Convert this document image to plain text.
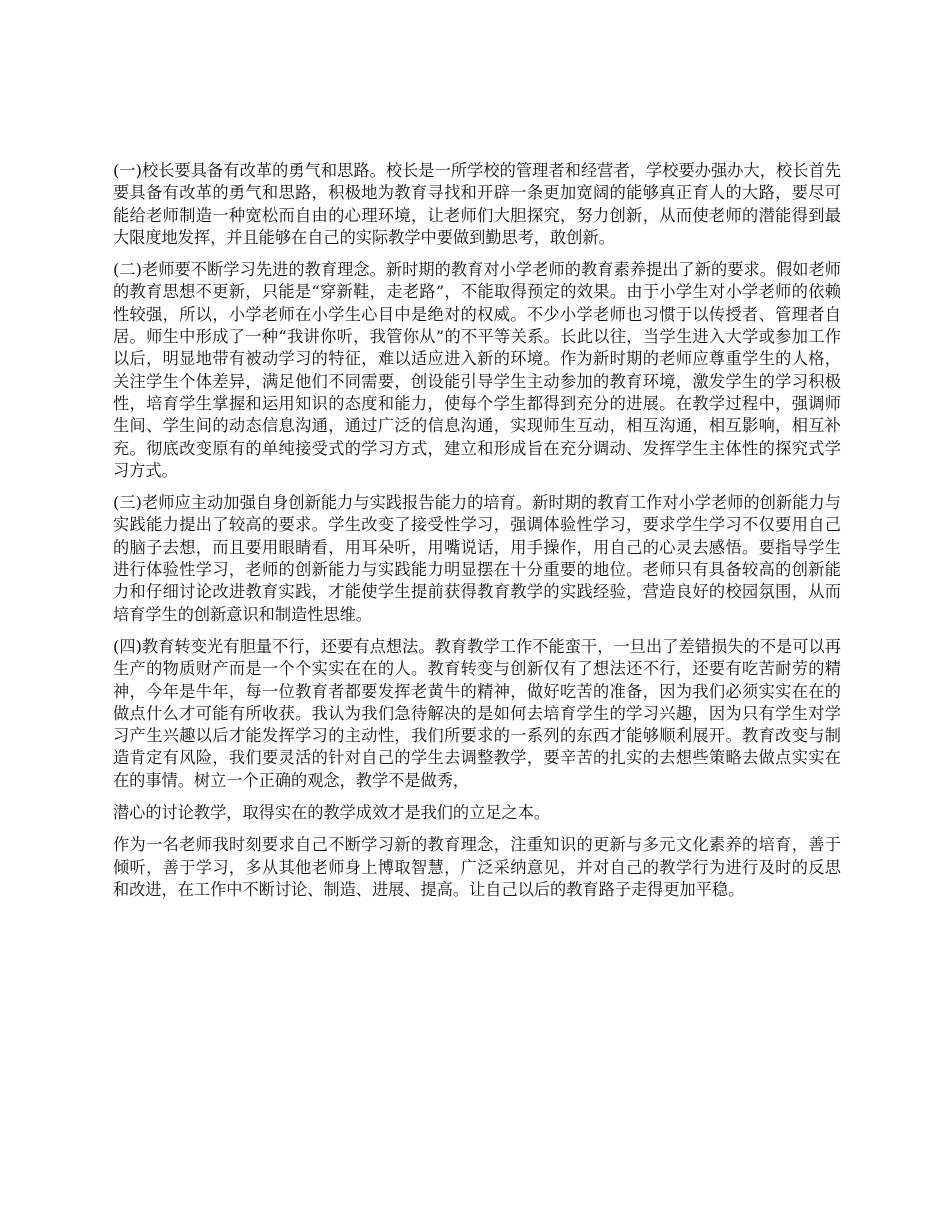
(一)校长要具备有改革的勇气和思路。校长是一所学校的管理者和经营者，学校要办强办大，校长首先要具备有改革的勇气和思路，积极地为教育寻找和开辟一条更加宽阔的能够真正育人的大路，要尽可能给老师制造一种宽松而自由的心理环境，让老师们大胆探究，努力创新，从而使老师的潜能得到最大限度地发挥，并且能够在自己的实际教学中要做到勤思考，敢创新。

(二)老师要不断学习先进的教育理念。新时期的教育对小学老师的教育素养提出了新的要求。假如老师的教育思想不更新，只能是“穿新鞋，走老路”，不能取得预定的效果。由于小学生对小学老师的依赖性较强，所以，小学老师在小学生心目中是绝对的权威。不少小学老师也习惯于以传授者、管理者自居。师生中形成了一种“我讲你听，我管你从”的不平等关系。长此以往，当学生进入大学或参加工作以后，明显地带有被动学习的特征，难以适应进入新的环境。作为新时期的老师应尊重学生的人格，关注学生个体差异，满足他们不同需要，创设能引导学生主动参加的教育环境，激发学生的学习积极性，培育学生掌握和运用知识的态度和能力，使每个学生都得到充分的进展。在教学过程中，强调师生间、学生间的动态信息沟通，通过广泛的信息沟通，实现师生互动，相互沟通，相互影响，相互补充。彻底改变原有的单纯接受式的学习方式，建立和形成旨在充分调动、发挥学生主体性的探究式学习方式。

(三)老师应主动加强自身创新能力与实践报告能力的培育。新时期的教育工作对小学老师的创新能力与实践能力提出了较高的要求。学生改变了接受性学习，强调体验性学习，要求学生学习不仅要用自己的脑子去想，而且要用眼睛看，用耳朵听，用嘴说话，用手操作，用自己的心灵去感悟。要指导学生进行体验性学习，老师的创新能力与实践能力明显摆在十分重要的地位。老师只有具备较高的创新能力和仔细讨论改进教育实践，才能使学生提前获得教育教学的实践经验，营造良好的校园氛围，从而培育学生的创新意识和制造性思维。

(四)教育转变光有胆量不行，还要有点想法。教育教学工作不能蛮干，一旦出了差错损失的不是可以再生产的物质财产而是一个个实实在在的人。教育转变与创新仅有了想法还不行，还要有吃苦耐劳的精神，今年是牛年，每一位教育者都要发挥老黄牛的精神，做好吃苦的准备，因为我们必须实实在在的做点什么才可能有所收获。我认为我们急待解决的是如何去培育学生的学习兴趣，因为只有学生对学习产生兴趣以后才能发挥学习的主动性，我们所要求的一系列的东西才能够顺利展开。教育改变与制造肯定有风险，我们要灵活的针对自己的学生去调整教学，要辛苦的扎实的去想些策略去做点实实在在的事情。树立一个正确的观念，教学不是做秀，

潜心的讨论教学，取得实在的教学成效才是我们的立足之本。

作为一名老师我时刻要求自己不断学习新的教育理念，注重知识的更新与多元文化素养的培育，善于倾听，善于学习，多从其他老师身上博取智慧，广泛采纳意见，并对自己的教学行为进行及时的反思和改进，在工作中不断讨论、制造、进展、提高。让自己以后的教育路子走得更加平稳。
